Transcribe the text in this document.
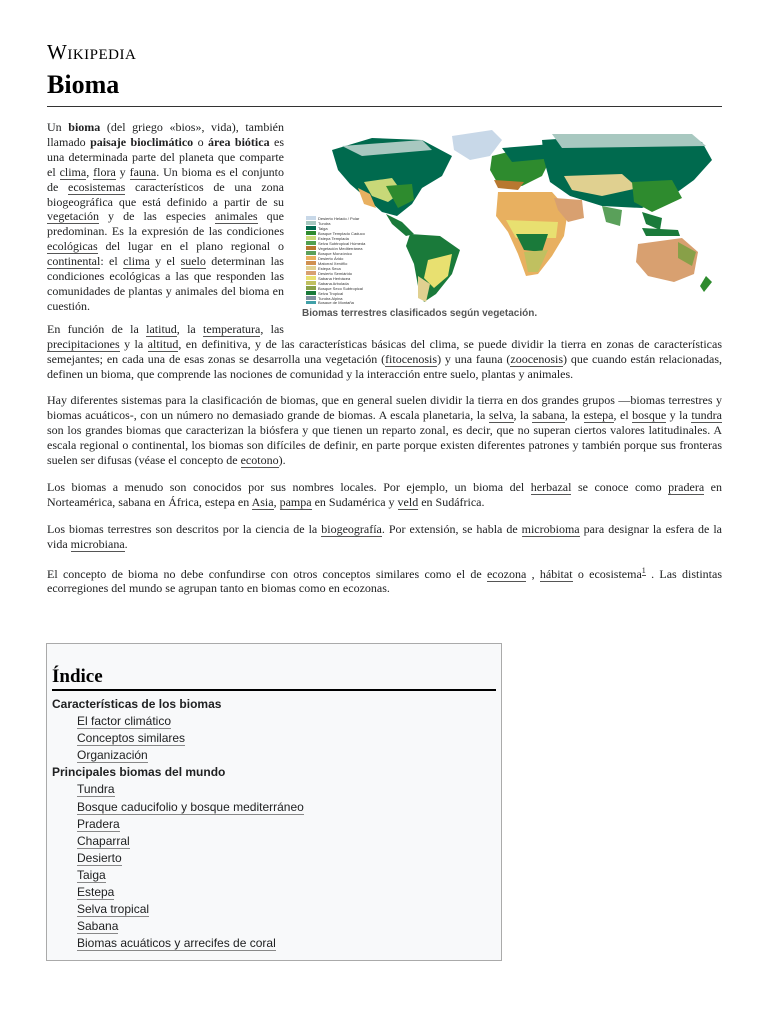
Wikipedia
Bioma
Desierto Helado / Polar
Tundra
Taiga
Bosque Templado Caduco
Estepa Templada
Selva Subtropical Húmeda
Vegetación Mediterránea
Bosque Monzónico
Desierto Árido
Matorral Xerófilo
Estepa Seca
Desierto Semiárido
Sabana Herbácea
Sabana Arbolada
Bosque Seco Subtropical
Selva Tropical
Tundra Alpina
Bosque de Montaña
Biomas terrestres clasificados según vegetación.

Un bioma (del griego «bios», vida), también llamado paisaje bioclimático o área biótica es una determinada parte del planeta que comparte el clima, flora y fauna. Un bioma es el conjunto de ecosistemas característicos de una zona biogeográfica que está definido a partir de su vegetación y de las especies animales que predominan. Es la expresión de las condiciones ecológicas del lugar en el plano regional o continental: el clima y el suelo determinan las condiciones ecológicas a las que responden las comunidades de plantas y animales del bioma en cuestión.

En función de la latitud, la temperatura, las precipitaciones y la altitud, en definitiva, y de las características básicas del clima, se puede dividir la tierra en zonas de características semejantes; en cada una de esas zonas se desarrolla una vegetación (fitocenosis) y una fauna (zoocenosis) que cuando están relacionadas, definen un bioma, que comprende las nociones de comunidad y la interacción entre suelo, plantas y animales.

Hay diferentes sistemas para la clasificación de biomas, que en general suelen dividir la tierra en dos grandes grupos —biomas terrestres y biomas acuáticos-, con un número no demasiado grande de biomas. A escala planetaria, la selva, la sabana, la estepa, el bosque y la tundra son los grandes biomas que caracterizan la biósfera y que tienen un reparto zonal, es decir, que no superan ciertos valores latitudinales. A escala regional o continental, los biomas son difíciles de definir, en parte porque existen diferentes patrones y también porque sus fronteras suelen ser difusas (véase el concepto de ecotono).

Los biomas a menudo son conocidos por sus nombres locales. Por ejemplo, un bioma del herbazal se conoce como pradera en Norteamérica, sabana en África, estepa en Asia, pampa en Sudamérica y veld en Sudáfrica.

Los biomas terrestres son descritos por la ciencia de la biogeografía. Por extensión, se habla de microbioma para designar la esfera de la vida microbiana.

El concepto de bioma no debe confundirse con otros conceptos similares como el de ecozona , hábitat o ecosistema$^1$ . Las distintas ecorregiones del mundo se agrupan tanto en biomas como en ecozonas.

Índice
Características de los biomas
El factor climático
Conceptos similares
Organización
Principales biomas del mundo
Tundra
Bosque caducifolio y bosque mediterráneo
Pradera
Chaparral
Desierto
Taiga
Estepa
Selva tropical
Sabana
Biomas acuáticos y arrecifes de coral
